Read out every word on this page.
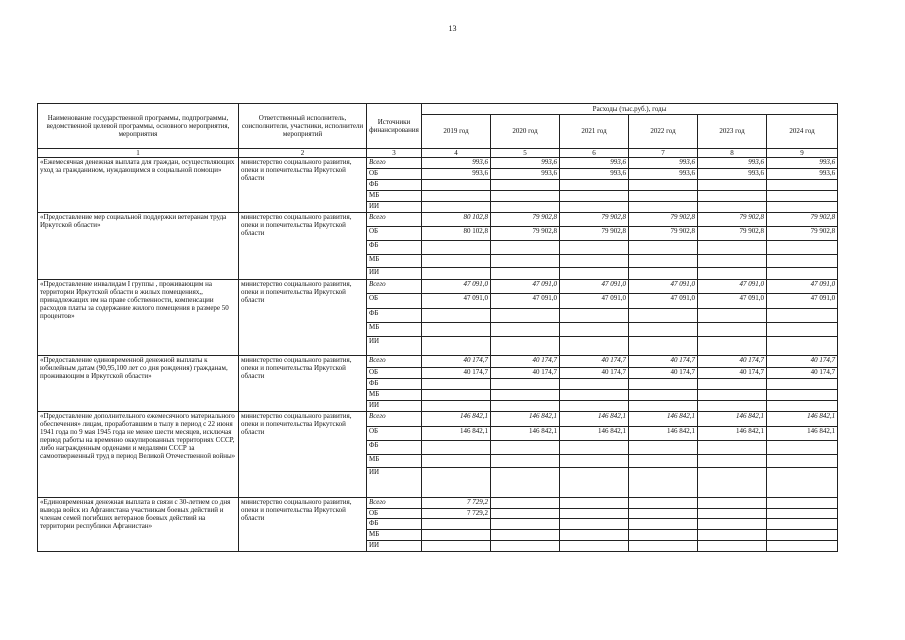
13
Наименование государственной программы, подпрограммы, ведомственной целевой программы, основного мероприятия, мероприятия	Ответственный исполнитель, соисполнители, участники, исполнители мероприятий	Источники финансирования	Расходы (тыс.руб.), годы					
			2019 год	2020 год	2021 год	2022 год	2023 год	2024 год
1	2	3	4	5	6	7	8	9
«Ежемесячная денежная выплата для граждан, осуществляющих уход за гражданином, нуждающимся в социальной помощи»	министерство социального развития, опеки и попечительства Иркутской области	Всего	993,6	993,6	993,6	993,6	993,6	993,6
		ОБ	993,6	993,6	993,6	993,6	993,6	993,6
		ФБ						
		МБ						
		ИИ						
«Предоставление мер социальной поддержки ветеранам труда Иркутской области»	министерство социального развития, опеки и попечительства Иркутской области	Всего	80 102,8	79 902,8	79 902,8	79 902,8	79 902,8	79 902,8
		ОБ	80 102,8	79 902,8	79 902,8	79 902,8	79 902,8	79 902,8
		ФБ						
		МБ						
		ИИ						
«Предоставление инвалидам I группы , проживающим на территории Иркутской области в жилых помещениях,, принадлежащих им на праве собственности, компенсации расходов платы за содержание жилого помещения в размере 50 процентов»	министерство социального развития, опеки и попечительства Иркутской области	Всего	47 091,0	47 091,0	47 091,0	47 091,0	47 091,0	47 091,0
		ОБ	47 091,0	47 091,0	47 091,0	47 091,0	47 091,0	47 091,0
		ФБ						
		МБ						
		ИИ						
«Предоставление единовременной денежной выплаты к юбилейным датам (90,95,100 лет со дня рождения) гражданам, проживающим в Иркутской области»	министерство социального развития, опеки и попечительства Иркутской области	Всего	40 174,7	40 174,7	40 174,7	40 174,7	40 174,7	40 174,7
		ОБ	40 174,7	40 174,7	40 174,7	40 174,7	40 174,7	40 174,7
		ФБ						
		МБ						
		ИИ						
«Предоставление дополнительного ежемесячного материального обеспечения» лицам, проработавшим в тылу в период с 22 июня 1941 года по 9 мая 1945 года не менее шести месяцев, исключая период работы на временно оккупированных территориях СССР, либо награжденным орденами и медалями СССР за самоотверженный труд в период Великой Отечественной войны»	министерство социального развития, опеки и попечительства Иркутской области	Всего	146 842,1	146 842,1	146 842,1	146 842,1	146 842,1	146 842,1
		ОБ	146 842,1	146 842,1	146 842,1	146 842,1	146 842,1	146 842,1
		ФБ						
		МБ						
		ИИ						
«Единовременная денежная выплата в связи с 30-летием со дня вывода войск из Афганистана участникам боевых действий и членам семей погибших ветеранов боевых действий на территории республики Афганистан»	министерство социального развития, опеки и попечительства Иркутской области	Всего	7 729,2					
		ОБ	7 729,2					
		ФБ						
		МБ						
		ИИ						
